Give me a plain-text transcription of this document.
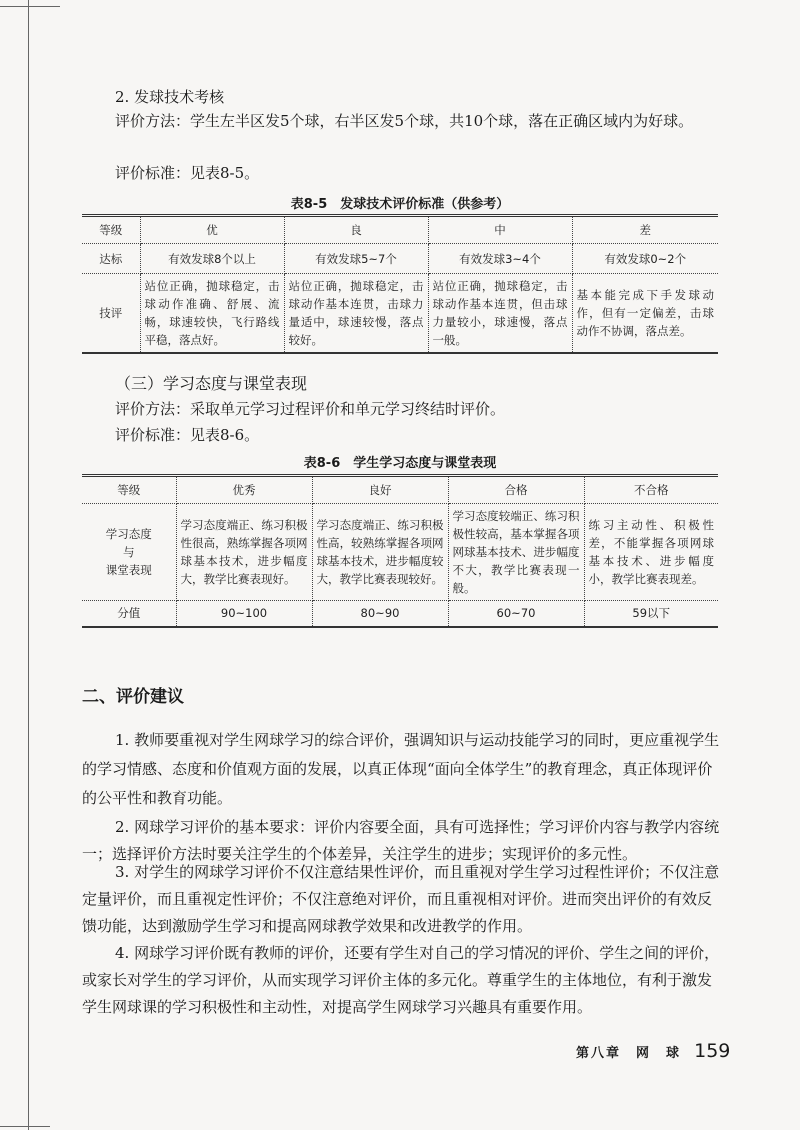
2. 发球技术考核

评价方法：学生左半区发5个球，右半区发5个球，共10个球，落在正确区域内为好球。

评价标准：见表8-5。

表8-5　发球技术评价标准（供参考）
等级	优	良	中	差
达标	有效发球8个以上	有效发球5~7个	有效发球3~4个	有效发球0~2个
技评	站位正确，抛球稳定，击球动作准确、舒展、流畅，球速较快，飞行路线平稳，落点好。	站位正确，抛球稳定，击球动作基本连贯，击球力量适中，球速较慢，落点较好。	站位正确，抛球稳定，击球动作基本连贯，但击球力量较小，球速慢，落点一般。	基本能完成下手发球动作，但有一定偏差，击球动作不协调，落点差。
（三）学习态度与课堂表现

评价方法：采取单元学习过程评价和单元学习终结时评价。

评价标准：见表8-6。

表8-6　学生学习态度与课堂表现
等级	优秀	良好	合格	不合格
学习态度
与
课堂表现	学习态度端正、练习积极性很高，熟练掌握各项网球基本技术，进步幅度大，教学比赛表现好。	学习态度端正、练习积极性高，较熟练掌握各项网球基本技术，进步幅度较大，教学比赛表现较好。	学习态度较端正、练习积极性较高，基本掌握各项网球基本技术、进步幅度不大，教学比赛表现一般。	练习主动性、积极性差，不能掌握各项网球基本技术、进步幅度小，教学比赛表现差。
分值	90~100	80~90	60~70	59以下
二、评价建议

1. 教师要重视对学生网球学习的综合评价，强调知识与运动技能学习的同时，更应重视学生的学习情感、态度和价值观方面的发展，以真正体现“面向全体学生”的教育理念，真正体现评价的公平性和教育功能。

2. 网球学习评价的基本要求：评价内容要全面，具有可选择性；学习评价内容与教学内容统一；选择评价方法时要关注学生的个体差异，关注学生的进步；实现评价的多元性。

3. 对学生的网球学习评价不仅注意结果性评价，而且重视对学生学习过程性评价；不仅注意定量评价，而且重视定性评价；不仅注意绝对评价，而且重视相对评价。进而突出评价的有效反馈功能，达到激励学生学习和提高网球教学效果和改进教学的作用。

4. 网球学习评价既有教师的评价，还要有学生对自己的学习情况的评价、学生之间的评价，或家长对学生的学习评价，从而实现学习评价主体的多元化。尊重学生的主体地位，有利于激发学生网球课的学习积极性和主动性，对提高学生网球学习兴趣具有重要作用。

第八章　网　球 159
